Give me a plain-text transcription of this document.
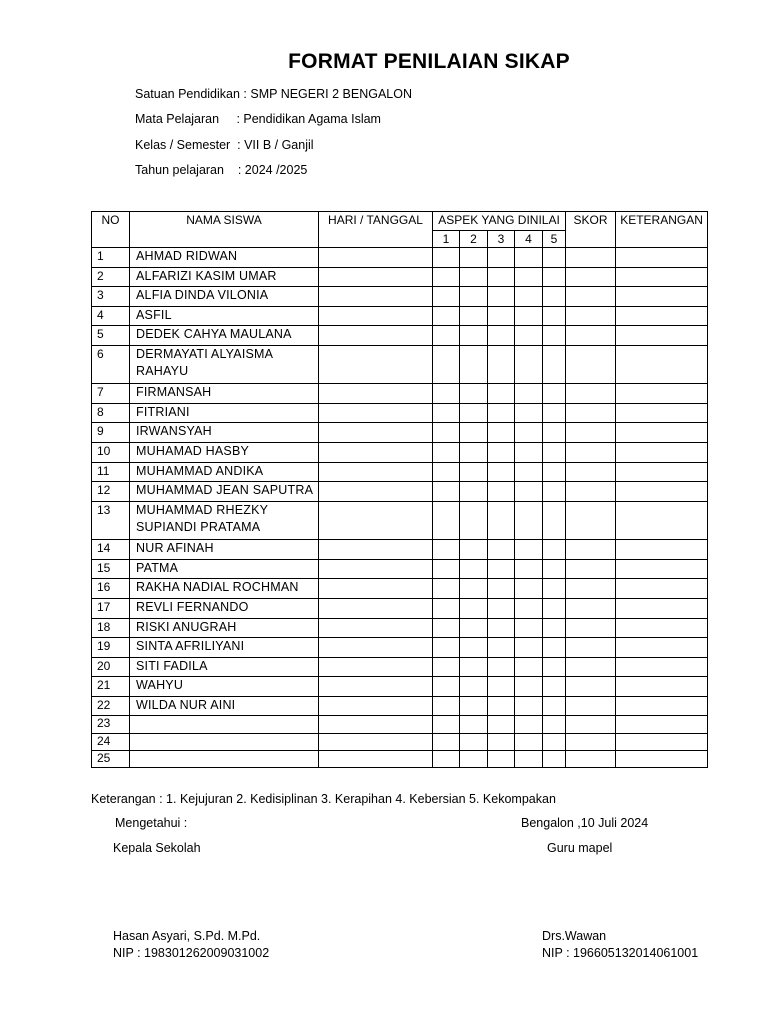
FORMAT PENILAIAN SIKAP
Satuan Pendidikan : SMP NEGERI 2 BENGALON
Mata Pelajaran     : Pendidikan Agama Islam
Kelas / Semester  : VII B / Ganjil
Tahun pelajaran    : 2024 /2025
NO	NAMA SISWA	HARI / TANGGAL	ASPEK YANG DINILAI					SKOR	KETERANGAN
			1	2	3	4	5		
1	AHMAD RIDWAN								
2	ALFARIZI KASIM UMAR								
3	ALFIA DINDA VILONIA								
4	ASFIL								
5	DEDEK CAHYA MAULANA								
6	DERMAYATI ALYAISMA RAHAYU								
7	FIRMANSAH								
8	FITRIANI								
9	IRWANSYAH								
10	MUHAMAD HASBY								
11	MUHAMMAD ANDIKA								
12	MUHAMMAD JEAN SAPUTRA								
13	MUHAMMAD RHEZKY SUPIANDI PRATAMA								
14	NUR AFINAH								
15	PATMA								
16	RAKHA NADIAL ROCHMAN								
17	REVLI FERNANDO								
18	RISKI ANUGRAH								
19	SINTA AFRILIYANI								
20	SITI FADILA								
21	WAHYU								
22	WILDA NUR AINI								
23									
24									
25									
Keterangan : 1. Kejujuran 2. Kedisiplinan 3. Kerapihan 4. Kebersian 5. Kekompakan
Mengetahui :
Kepala Sekolah
Hasan Asyari, S.Pd. M.Pd.
NIP : 198301262009031002
Bengalon ,10 Juli 2024
Guru mapel
Drs.Wawan
NIP : 196605132014061001
